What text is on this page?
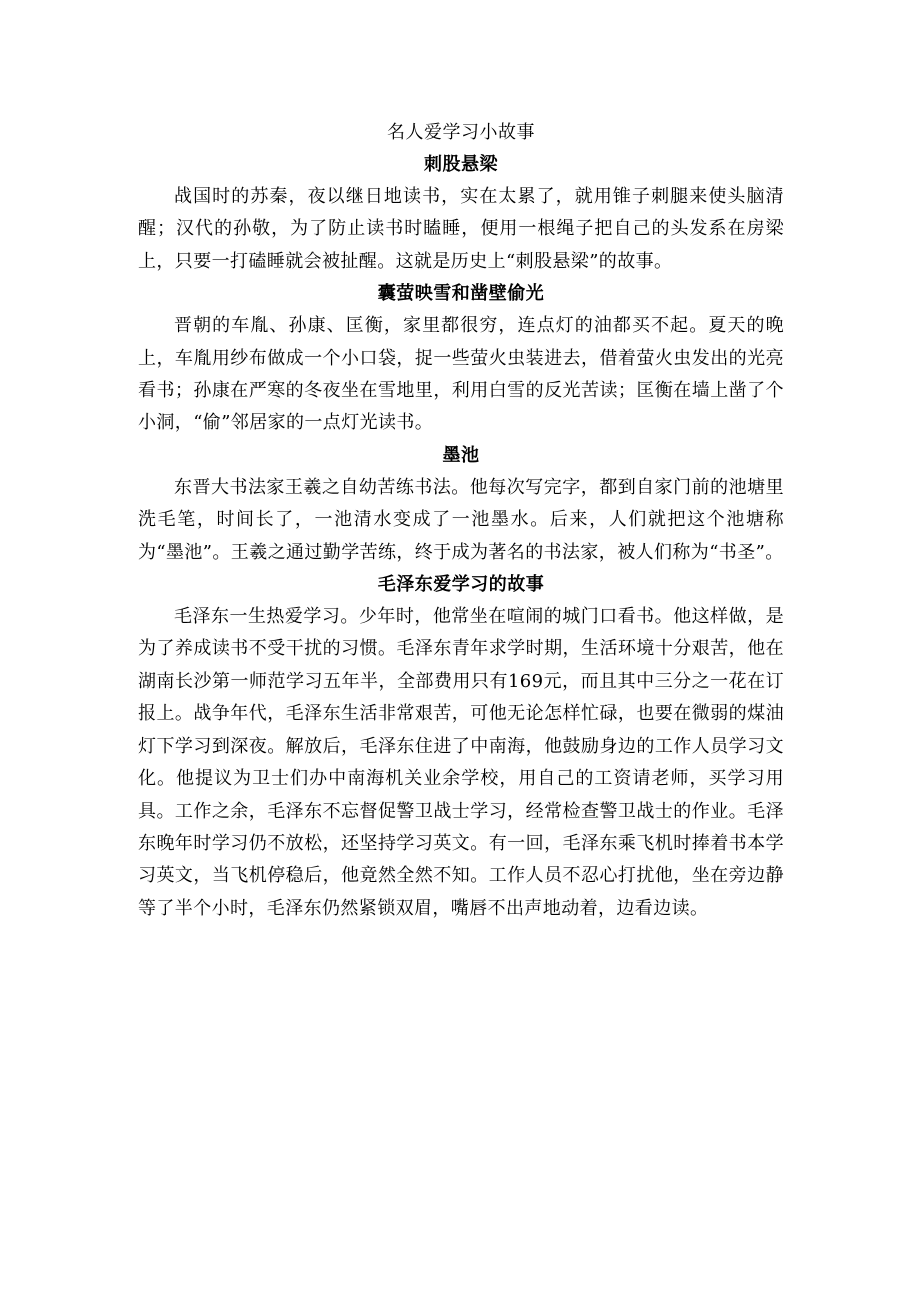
名人爱学习小故事
刺股悬梁

战国时的苏秦，夜以继日地读书，实在太累了，就用锥子刺腿来使头脑清醒；汉代的孙敬，为了防止读书时瞌睡，便用一根绳子把自己的头发系在房梁上，只要一打磕睡就会被扯醒。这就是历史上“刺股悬梁”的故事。

囊萤映雪和凿壁偷光

晋朝的车胤、孙康、匡衡，家里都很穷，连点灯的油都买不起。夏天的晚上，车胤用纱布做成一个小口袋，捉一些萤火虫装进去，借着萤火虫发出的光亮看书；孙康在严寒的冬夜坐在雪地里，利用白雪的反光苦读；匡衡在墙上凿了个小洞，“偷”邻居家的一点灯光读书。

墨池

东晋大书法家王羲之自幼苦练书法。他每次写完字，都到自家门前的池塘里洗毛笔，时间长了，一池清水变成了一池墨水。后来，人们就把这个池塘称为“墨池”。王羲之通过勤学苦练，终于成为著名的书法家，被人们称为“书圣”。

毛泽东爱学习的故事

毛泽东一生热爱学习。少年时，他常坐在喧闹的城门口看书。他这样做，是为了养成读书不受干扰的习惯。毛泽东青年求学时期，生活环境十分艰苦，他在湖南长沙第一师范学习五年半，全部费用只有169元，而且其中三分之一花在订报上。战争年代，毛泽东生活非常艰苦，可他无论怎样忙碌，也要在微弱的煤油灯下学习到深夜。解放后，毛泽东住进了中南海，他鼓励身边的工作人员学习文化。他提议为卫士们办中南海机关业余学校，用自己的工资请老师，买学习用具。工作之余，毛泽东不忘督促警卫战士学习，经常检查警卫战士的作业。毛泽东晚年时学习仍不放松，还坚持学习英文。有一回，毛泽东乘飞机时捧着书本学习英文，当飞机停稳后，他竟然全然不知。工作人员不忍心打扰他，坐在旁边静等了半个小时，毛泽东仍然紧锁双眉，嘴唇不出声地动着，边看边读。
